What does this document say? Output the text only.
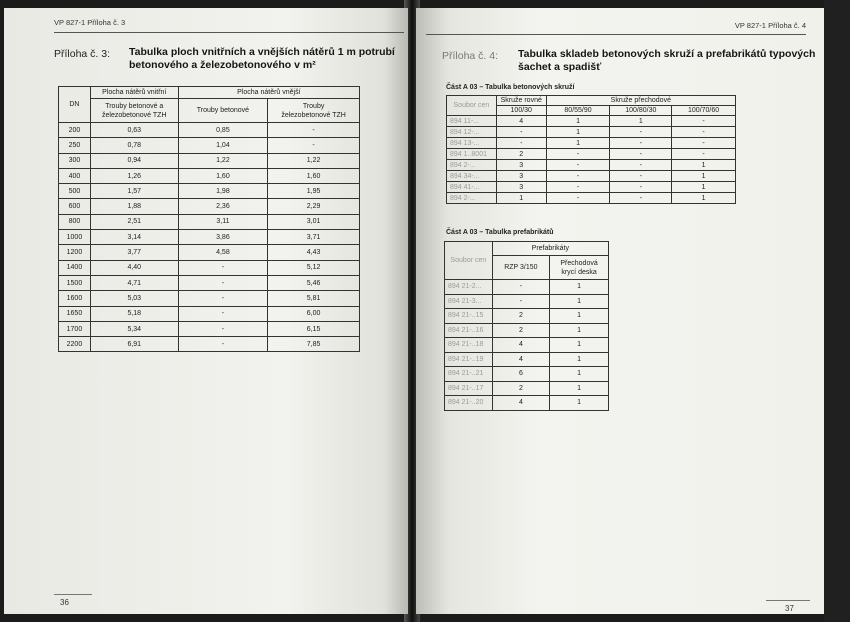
VP 827-1 Příloha č. 3
Příloha č. 3: Tabulka ploch vnitřních a vnějších nátěrů 1 m potrubí
betonového a železobetonového v m²
DN	Plocha nátěrů vnitřní	Plocha nátěrů vnější	
	Trouby betonové a železobetonové TZH	Trouby betonové	Trouby železobetonové TZH
200	0,63	0,85	-
250	0,78	1,04	-
300	0,94	1,22	1,22
400	1,26	1,60	1,60
500	1,57	1,98	1,95
600	1,88	2,36	2,29
800	2,51	3,11	3,01
1000	3,14	3,86	3,71
1200	3,77	4,58	4,43
1400	4,40	-	5,12
1500	4,71	-	5,46
1600	5,03	-	5,81
1650	5,18	-	6,00
1700	5,34	-	6,15
2200	6,91	-	7,85
36
VP 827-1 Příloha č. 4
Příloha č. 4: Tabulka skladeb betonových skruží a prefabrikátů typových
šachet a spadišť
Část A 03 – Tabulka betonových skruží
Soubor cen	Skruže rovné	Skruže přechodové		
	100/30	80/55/90	100/80/30	100/70/60
894 11-...	4	1	1	-
894 12-...	-	1	-	-
894 13-...	-	1	-	-
894 1..8001	2	-	-	-
894 2-...	3	-	-	1
894 34-...	3	-	-	1
894 41-...	3	-	-	1
894 2-...	1	-	-	1
Část A 03 – Tabulka prefabrikátů
Soubor cen	Prefabrikáty	
	RZP 3/150	Přechodová krycí deska
894 21-2...	-	1
894 21-3...	-	1
894 21-..15	2	1
894 21-..16	2	1
894 21-..18	4	1
894 21-..19	4	1
894 21-..21	6	1
894 21-..17	2	1
894 21-..20	4	1
37
